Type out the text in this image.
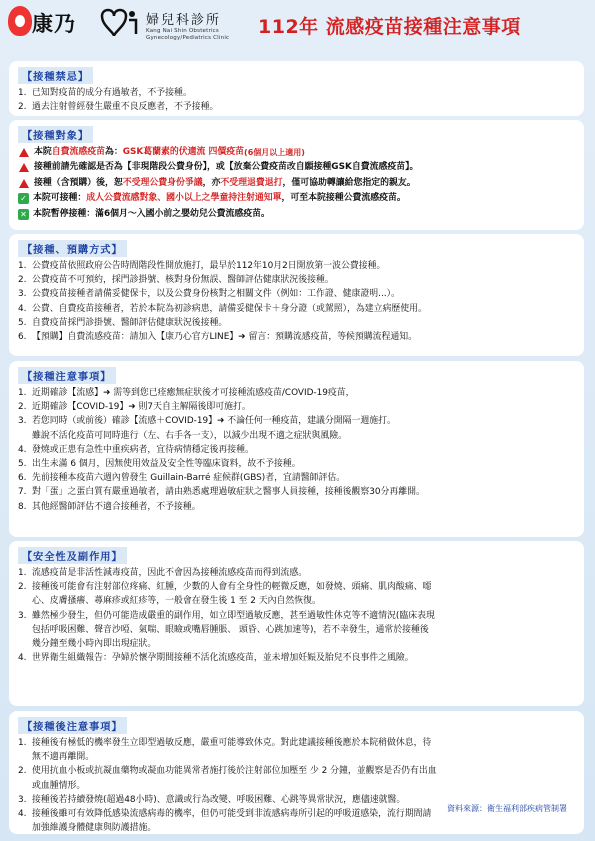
康乃	婦兒科診所
Kang Nai Shin Obstetrics
Gynecology/Pediatrics Clinic 112年 流感疫苗接種注意事項
【接種禁忌】
1. 已知對疫苗的成分有過敏者，不予接種。
2. 過去注射曾經發生嚴重不良反應者，不予接種。
【接種對象】
本院 自費流感疫苗 為： GSK葛蘭素的伏適流 四價疫苗 (6個月以上適用)
接種前請先確認是否為【非現階段公費身份】，或【放棄公費疫苗改自願接種GSK自費流感疫苗】。
接種（含預購）後，恕 不受理公費身份爭議 ，亦 不受理退費退打 ，僅可協助轉讓給您指定的親友。
✓ 本院可接種： 成人公費流感對象、國小以上之學童持注射通知單 ，可至本院接種公費流感疫苗。
✕ 本院暫停接種：滿6個月～入國小前之嬰幼兒公費流感疫苗。
【接種、預購方式】
1. 公費疫苗依照政府公告時間階段性開放施打，最早於112年10月2日開放第一波公費接種。
2. 公費疫苗不可預約，採門診掛號、核對身份無誤、醫師評估健康狀況後接種。
3. 公費疫苗接種者請備妥健保卡，以及公費身份核對之相關文件（例如：工作證、健康證明...）。
4. 公費、自費疫苗接種者，若於本院為初診病患，請備妥健保卡＋身分證（或駕照），為建立病歷使用。
5. 自費疫苗採門診掛號、醫師評估健康狀況後接種。
6. 【預購】自費流感疫苗：請加入【康乃心官方LINE】➜ 留言：預購流感疫苗，等候預購流程通知。
【接種注意事項】
1. 近期確診【流感】➜ 需等到您已痊癒無症狀後才可接種流感疫苗/COVID-19疫苗，
2. 近期確診【COVID-19】➜ 則7天自主解隔後即可施打。
3. 若您同時（或前後）確診【流感＋COVID-19】➜ 不論任何一種疫苗，建議分開隔一週施打。
雖說不活化疫苗可同時進行（左、右手各一支），以減少出現不適之症狀與風險。
4. 發燒或正患有急性中重疾病者，宜待病情穩定後再接種。
5. 出生未滿 6 個月，因無使用效益及安全性等臨床資料，故不予接種。
6. 先前接種本疫苗六週內曾發生 Guillain-Barré 症候群(GBS)者，宜請醫師評估。
7. 對「蛋」之蛋白質有嚴重過敏者，請由熟悉處理過敏症狀之醫事人員接種，接種後觀察30分再離開。
8. 其他經醫師評估不適合接種者，不予接種。
【安全性及副作用】
1. 流感疫苗是非活性減毒疫苗，因此不會因為接種流感疫苗而得到流感。
2. 接種後可能會有注射部位疼痛、紅腫，少數的人會有全身性的輕微反應，如發燒、頭痛、肌肉酸痛、噁
心、皮膚搔癢、蕁麻疹或紅疹等，一般會在發生後 1 至 2 天內自然恢復。
3. 雖然極少發生，但仍可能造成嚴重的副作用，如立即型過敏反應，甚至過敏性休克等不適情況(臨床表現
包括呼吸困難、聲音沙啞、氣喘、眼瞼或嘴唇腫脹、 頭昏、心跳加速等)，若不幸發生，通常於接種後
幾分鐘至幾小時內即出現症狀。
4. 世界衛生組織報告：孕婦於懷孕期間接種不活化流感疫苗，並未增加妊娠及胎兒不良事件之風險。
【接種後注意事項】
1. 接種後有極低的機率發生立即型過敏反應，嚴重可能導致休克。對此建議接種後應於本院稍做休息，待
無不適再離開。
2. 使用抗血小板或抗凝血藥物或凝血功能異常者施打後於注射部位加壓至 少 2 分鐘，並觀察是否仍有出血
或血腫情形。
3. 接種後若持續發燒(超過48小時)、意識或行為改變、呼吸困難、心跳等異常狀況，應儘速就醫。
4. 接種後雖可有效降低感染流感病毒的機率，但仍可能受到非流感病毒所引起的呼吸道感染，流行期間請
加強維護身體健康與防護措施。
資料來源：衛生福利部疾病管制署
